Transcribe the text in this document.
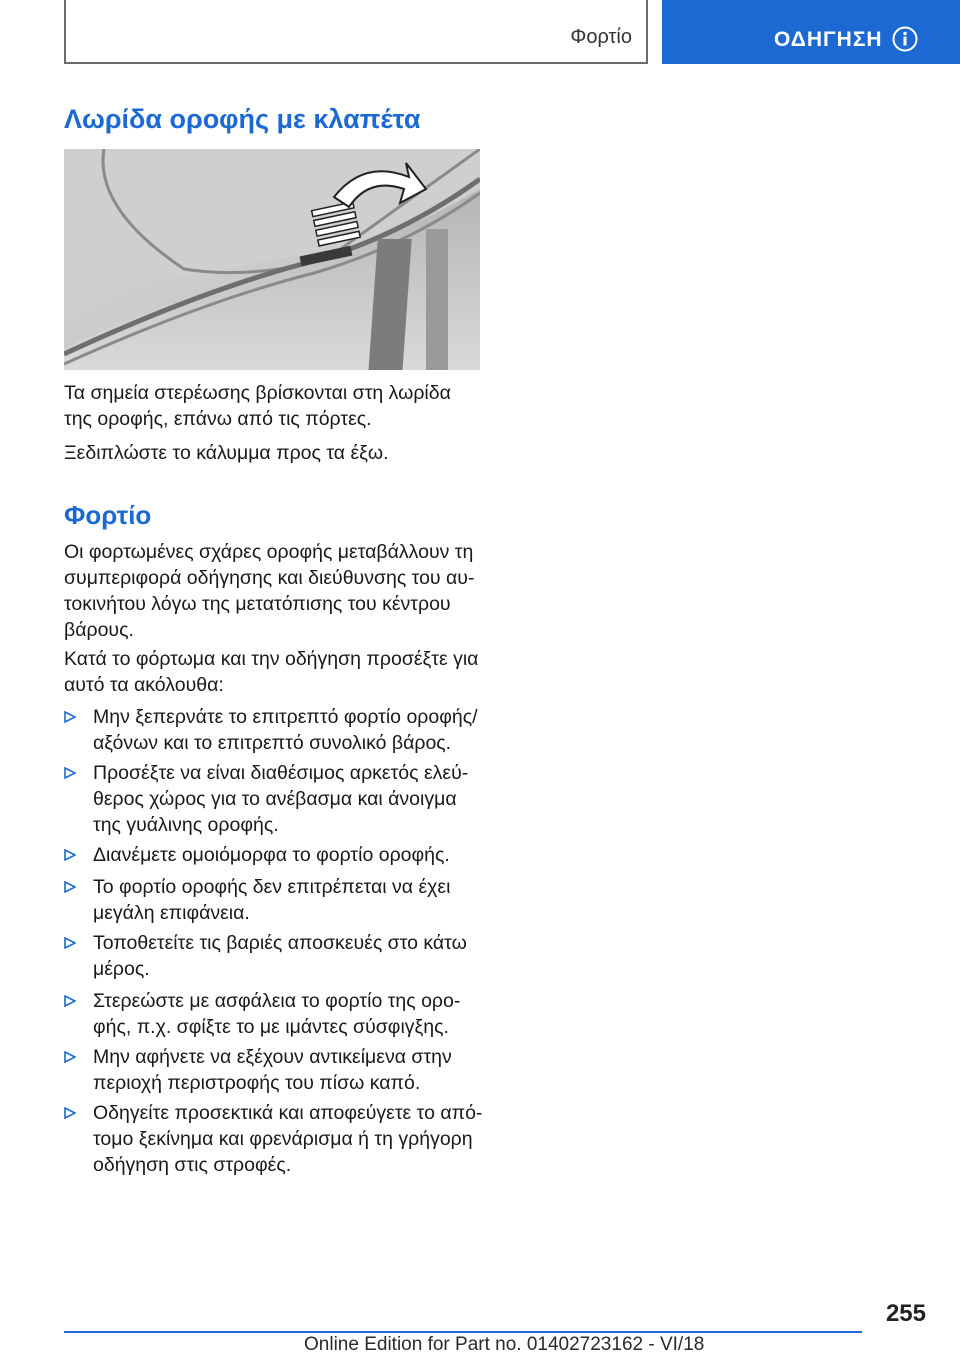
Φορτίο	ΟΔΗΓΗΣΗ
Λωρίδα οροφής με κλαπέτα
Τα σημεία στερέωσης βρίσκονται στη λωρίδα της οροφής, επάνω από τις πόρτες.
Ξεδιπλώστε το κάλυμμα προς τα έξω.
Φορτίο
Οι φορτωμένες σχάρες οροφής μεταβάλλουν τη συμπεριφορά οδήγησης και διεύθυνσης του αυ-τοκινήτου λόγω της μετατόπισης του κέντρου βάρους.
Κατά το φόρτωμα και την οδήγηση προσέξτε για αυτό τα ακόλουθα:
Μην ξεπερνάτε το επιτρεπτό φορτίο οροφής/αξόνων και το επιτρεπτό συνολικό βάρος.
Προσέξτε να είναι διαθέσιμος αρκετός ελεύ-θερος χώρος για το ανέβασμα και άνοιγμα της γυάλινης οροφής.
Διανέμετε ομοιόμορφα το φορτίο οροφής.
Το φορτίο οροφής δεν επιτρέπεται να έχει μεγάλη επιφάνεια.
Τοποθετείτε τις βαριές αποσκευές στο κάτω μέρος.
Στερεώστε με ασφάλεια το φορτίο της ορο-φής, π.χ. σφίξτε το με ιμάντες σύσφιγξης.
Μην αφήνετε να εξέχουν αντικείμενα στην περιοχή περιστροφής του πίσω καπό.
Οδηγείτε προσεκτικά και αποφεύγετε το από-τομο ξεκίνημα και φρενάρισμα ή τη γρήγορη οδήγηση στις στροφές.
255
Online Edition for Part no. 01402723162 - VI/18
